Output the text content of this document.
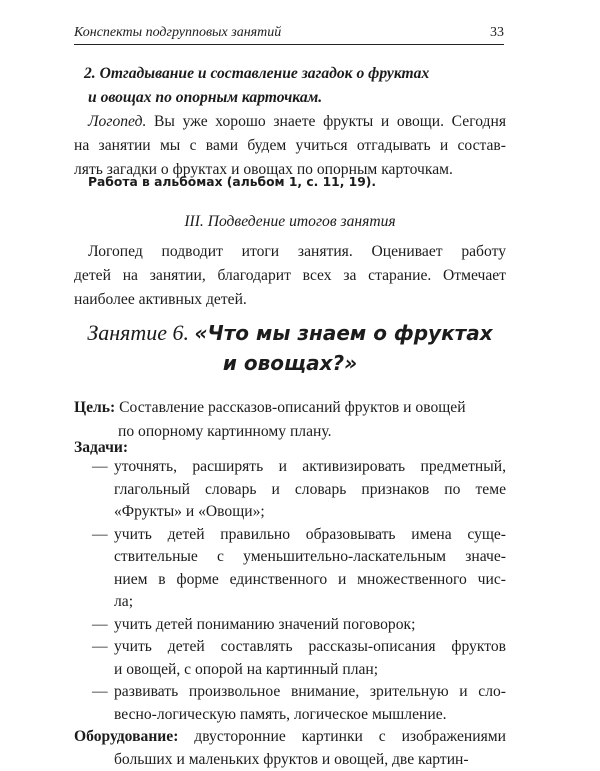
Конспекты подгрупповых занятий	33
2. Отгадывание и составление загадок о фруктах
и овощах по опорным карточкам.
Логопед. Вы уже хорошо знаете фрукты и овощи. Сегодня
на занятии мы с вами будем учиться отгадывать и состав-
лять загадки о фруктах и овощах по опорным карточкам.
Работа в альбомах (альбом 1, с. 11, 19).
III. Подведение итогов занятия
Логопед подводит итоги занятия. Оценивает работу
детей на занятии, благодарит всех за старание. Отмечает
наиболее активных детей.
Занятие 6. «Что мы знаем о фруктах
и овощах?»
Цель: Составление рассказов-описаний фруктов и овощей
по опорному картинному плану.
Задачи:
— уточнять, расширять и активизировать предметный,
глагольный словарь и словарь признаков по теме
«Фрукты» и «Овощи»;
— учить детей правильно образовывать имена суще-
ствительные с уменьшительно-ласкательным значе-
нием в форме единственного и множественного чис-
ла;
— учить детей пониманию значений поговорок;
— учить детей составлять рассказы-описания фруктов
и овощей, с опорой на картинный план;
— развивать произвольное внимание, зрительную и сло-
весно-логическую память, логическое мышление.
Оборудование: двусторонние картинки с изображениями
больших и маленьких фруктов и овощей, две картин-
